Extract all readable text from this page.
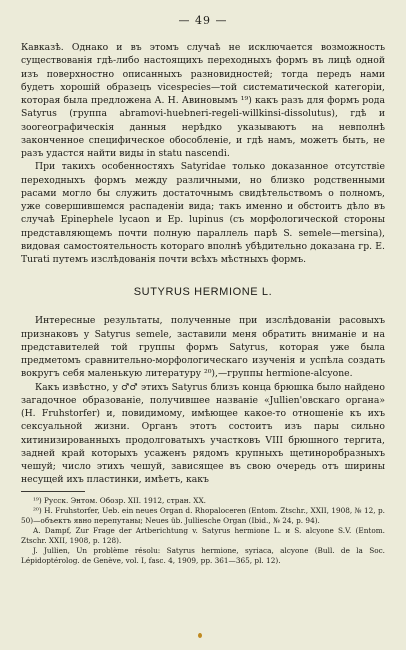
— 49 —

Кавказѣ. Однако и въ этомъ случаѣ не исключается возможность существованія гдѣ-либо настоящихъ переходныхъ формъ въ лицѣ одной изъ поверхностно описанныхъ разновидностей; тогда передъ нами будетъ хорошій образецъ vicespecies—той систематической категоріи, которая была предложена А. Н. Авиновымъ ¹⁹) какъ разъ для формъ рода Satyrus (группа abramovi-huebneri-regeli-willkinsi-dissolutus), гдѣ и зоогеографическія данныя нерѣдко указываютъ на невполнѣ законченное специфическое обособленіе, и гдѣ намъ, можетъ быть, не разъ удастся найти виды in statu nascendi.

При такихъ особенностяхъ Satyridae только доказанное отсутствіе переходныхъ формъ между различными, но близко родственными расами могло бы служить достаточнымъ свидѣтельствомъ о полномъ, уже совершившемся распаденіи вида; такъ именно и обстоитъ дѣло въ случаѣ Epinephele lycaon и Ep. lupinus (съ морфологической стороны представляющемъ почти полную параллель парѣ S. semele—mersina), видовая самостоятельность котораго вполнѣ убѣдительно доказана гр. Е. Turati путемъ изслѣдованія почти всѣхъ мѣстныхъ формъ.

SUTYRUS HERMIONE L.

Интересные результаты, полученные при изслѣдованіи расовыхъ признаковъ у Satyrus semele, заставили меня обратить вниманіе и на представителей той группы формъ Satyrus, которая уже была предметомъ сравнительно-морфологическаго изученія и успѣла создать вокругъ себя маленькую литературу ²⁰),—группы hermione-alcyone.

Какъ извѣстно, у ♂♂ этихъ Satyrus близъ конца брюшка было найдено загадочное образованіе, получившее названіе «Jullien'овскаго органа» (H. Fruhstorfer) и, повидимому, имѣющее какое-то отношеніе къ ихъ сексуальной жизни. Органъ этотъ состоитъ изъ пары сильно хитинизированныхъ продолговатыхъ участковъ VIII брюшного тергита, задней край которыхъ усаженъ рядомъ крупныхъ щетиноробразныхъ чешуй; число этихъ чешуй, зависящее въ свою очередь отъ ширины несущей ихъ пластинки, имѣетъ, какъ

¹⁹) Русск. Энтом. Обозр. XII. 1912, стран. XX.

²⁰) H. Fruhstorfer, Ueb. ein neues Organ d. Rhopaloceren (Entom. Ztschr., XXII, 1908, № 12, p. 50)—объектъ явно перепутаны; Neues üb. Julliesche Organ (Ibid., № 24, p. 94).

A. Dampf, Zur Frage der Artberichtung v. Satyrus hermione L. и S. alcyone S.V. (Entom. Ztschr. XXII, 1908, p. 128).

J. Jullien, Un problème résolu: Satyrus hermione, syriaca, alcyone (Bull. de la Soc. Lépidoptérolog. de Genève, vol. I, fasc. 4, 1909, pp. 361—365, pl. 12).
